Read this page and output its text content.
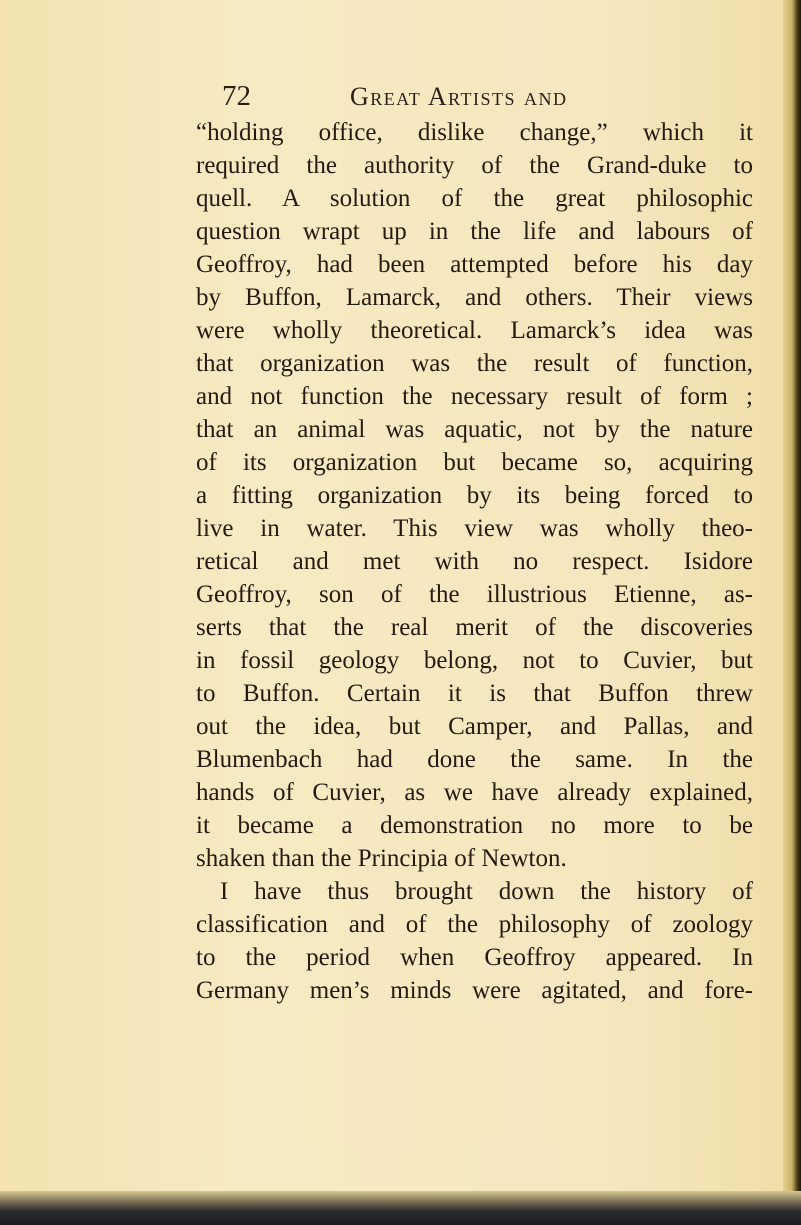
72	Great Artists and
“holding office, dislike change,” which it
required the authority of the Grand-duke to
quell. A solution of the great philosophic
question wrapt up in the life and labours of
Geoffroy, had been attempted before his day
by Buffon, Lamarck, and others. Their views
were wholly theoretical. Lamarck’s idea was
that organization was the result of function,
and not function the necessary result of form ;
that an animal was aquatic, not by the nature
of its organization but became so, acquiring
a fitting organization by its being forced to
live in water. This view was wholly theo-
retical and met with no respect. Isidore
Geoffroy, son of the illustrious Etienne, as-
serts that the real merit of the discoveries
in fossil geology belong, not to Cuvier, but
to Buffon. Certain it is that Buffon threw
out the idea, but Camper, and Pallas, and
Blumenbach had done the same. In the
hands of Cuvier, as we have already explained,
it became a demonstration no more to be
shaken than the Principia of Newton.
I have thus brought down the history of
classification and of the philosophy of zoology
to the period when Geoffroy appeared. In
Germany men’s minds were agitated, and fore-
